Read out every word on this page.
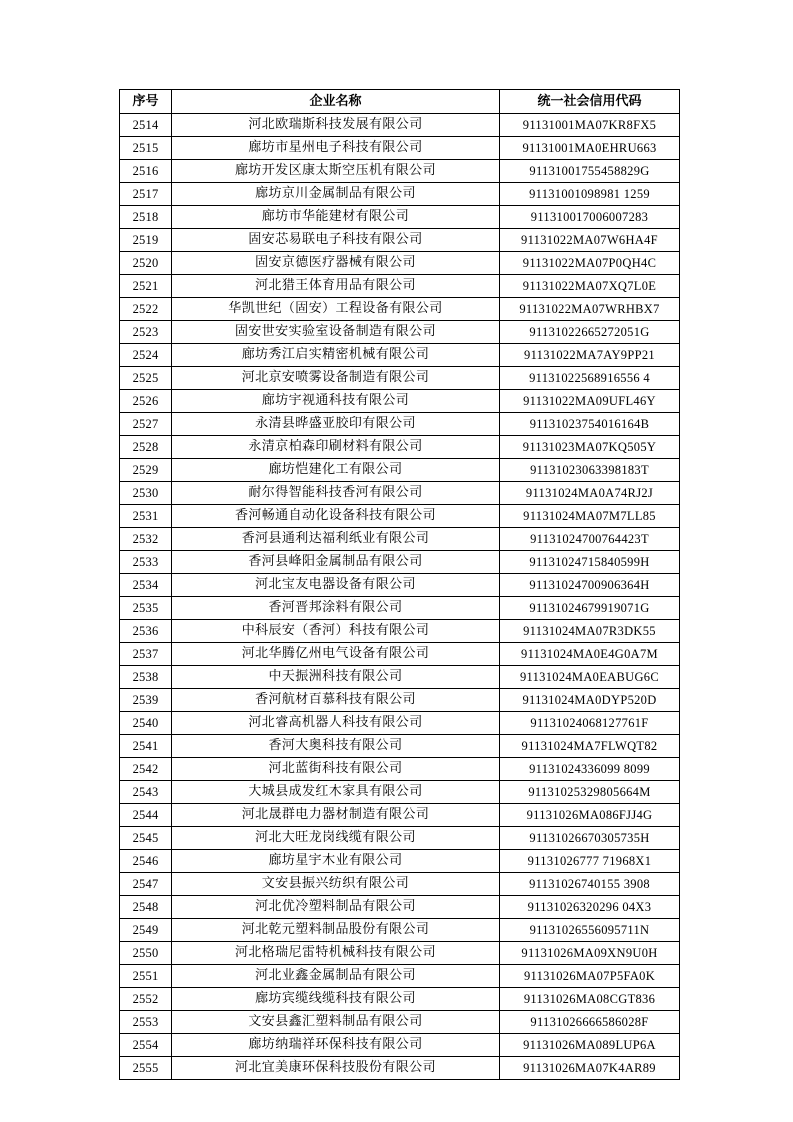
序号	企业名称	统一社会信用代码
2514	河北欧瑞斯科技发展有限公司	91131001MA07KR8FX5
2515	廊坊市星州电子科技有限公司	91131001MA0EHRU663
2516	廊坊开发区康太斯空压机有限公司	91131001755458829G
2517	廊坊京川金属制品有限公司	91131001098981 1259
2518	廊坊市华能建材有限公司	911310017006007283
2519	固安芯易联电子科技有限公司	91131022MA07W6HA4F
2520	固安京德医疗器械有限公司	91131022MA07P0QH4C
2521	河北猎王体育用品有限公司	91131022MA07XQ7L0E
2522	华凯世纪（固安）工程设备有限公司	91131022MA07WRHBX7
2523	固安世安实验室设备制造有限公司	91131022665272051G
2524	廊坊秀江启实精密机械有限公司	91131022MA7AY9PP21
2525	河北京安喷雾设备制造有限公司	91131022568916556 4
2526	廊坊宇视通科技有限公司	91131022MA09UFL46Y
2527	永清县晔盛亚胶印有限公司	91131023754016164B
2528	永清京柏森印刷材料有限公司	91131023MA07KQ505Y
2529	廊坊恺建化工有限公司	91131023063398183T
2530	耐尔得智能科技香河有限公司	91131024MA0A74RJ2J
2531	香河畅通自动化设备科技有限公司	91131024MA07M7LL85
2532	香河县通利达福利纸业有限公司	91131024700764423T
2533	香河县峰阳金属制品有限公司	91131024715840599H
2534	河北宝友电器设备有限公司	91131024700906364H
2535	香河晋邦涂料有限公司	91131024679919071G
2536	中科辰安（香河）科技有限公司	91131024MA07R3DK55
2537	河北华腾亿州电气设备有限公司	91131024MA0E4G0A7M
2538	中天振洲科技有限公司	91131024MA0EABUG6C
2539	香河航材百慕科技有限公司	91131024MA0DYP520D
2540	河北睿高机器人科技有限公司	91131024068127761F
2541	香河大奥科技有限公司	91131024MA7FLWQT82
2542	河北蓝街科技有限公司	91131024336099 8099
2543	大城县成发红木家具有限公司	91131025329805664M
2544	河北晟群电力器材制造有限公司	91131026MA086FJJ4G
2545	河北大旺龙岗线缆有限公司	91131026670305735H
2546	廊坊星宇木业有限公司	91131026777 71968X1
2547	文安县振兴纺织有限公司	91131026740155 3908
2548	河北优冷塑料制品有限公司	91131026320296 04X3
2549	河北乾元塑料制品股份有限公司	91131026556095711N
2550	河北格瑞尼雷特机械科技有限公司	91131026MA09XN9U0H
2551	河北业鑫金属制品有限公司	91131026MA07P5FA0K
2552	廊坊宾缆线缆科技有限公司	91131026MA08CGT836
2553	文安县鑫汇塑料制品有限公司	91131026666586028F
2554	廊坊纳瑞祥环保科技有限公司	91131026MA089LUP6A
2555	河北宜美康环保科技股份有限公司	91131026MA07K4AR89
